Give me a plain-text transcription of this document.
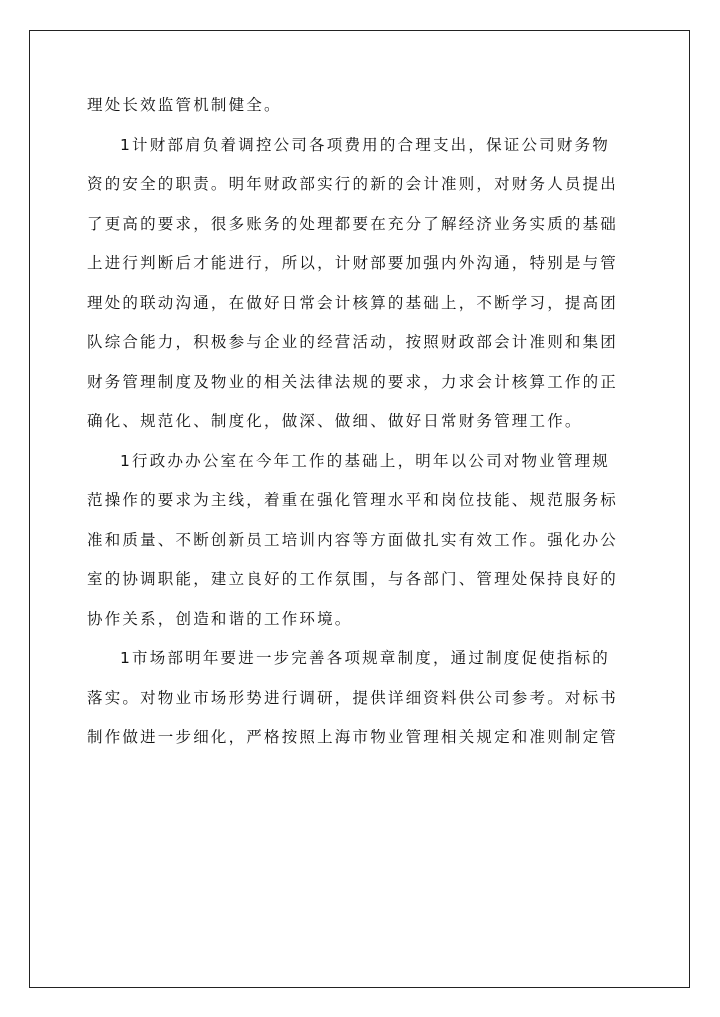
理处长效监管机制健全。
1计财部肩负着调控公司各项费用的合理支出，保证公司财务物
资的安全的职责。明年财政部实行的新的会计准则，对财务人员提出
了更高的要求，很多账务的处理都要在充分了解经济业务实质的基础
上进行判断后才能进行，所以，计财部要加强内外沟通，特别是与管
理处的联动沟通，在做好日常会计核算的基础上，不断学习，提高团
队综合能力，积极参与企业的经营活动，按照财政部会计准则和集团
财务管理制度及物业的相关法律法规的要求，力求会计核算工作的正
确化、规范化、制度化，做深、做细、做好日常财务管理工作。
1行政办办公室在今年工作的基础上，明年以公司对物业管理规
范操作的要求为主线，着重在强化管理水平和岗位技能、规范服务标
准和质量、不断创新员工培训内容等方面做扎实有效工作。强化办公
室的协调职能，建立良好的工作氛围，与各部门、管理处保持良好的
协作关系，创造和谐的工作环境。
1市场部明年要进一步完善各项规章制度，通过制度促使指标的
落实。对物业市场形势进行调研，提供详细资料供公司参考。对标书
制作做进一步细化，严格按照上海市物业管理相关规定和准则制定管
